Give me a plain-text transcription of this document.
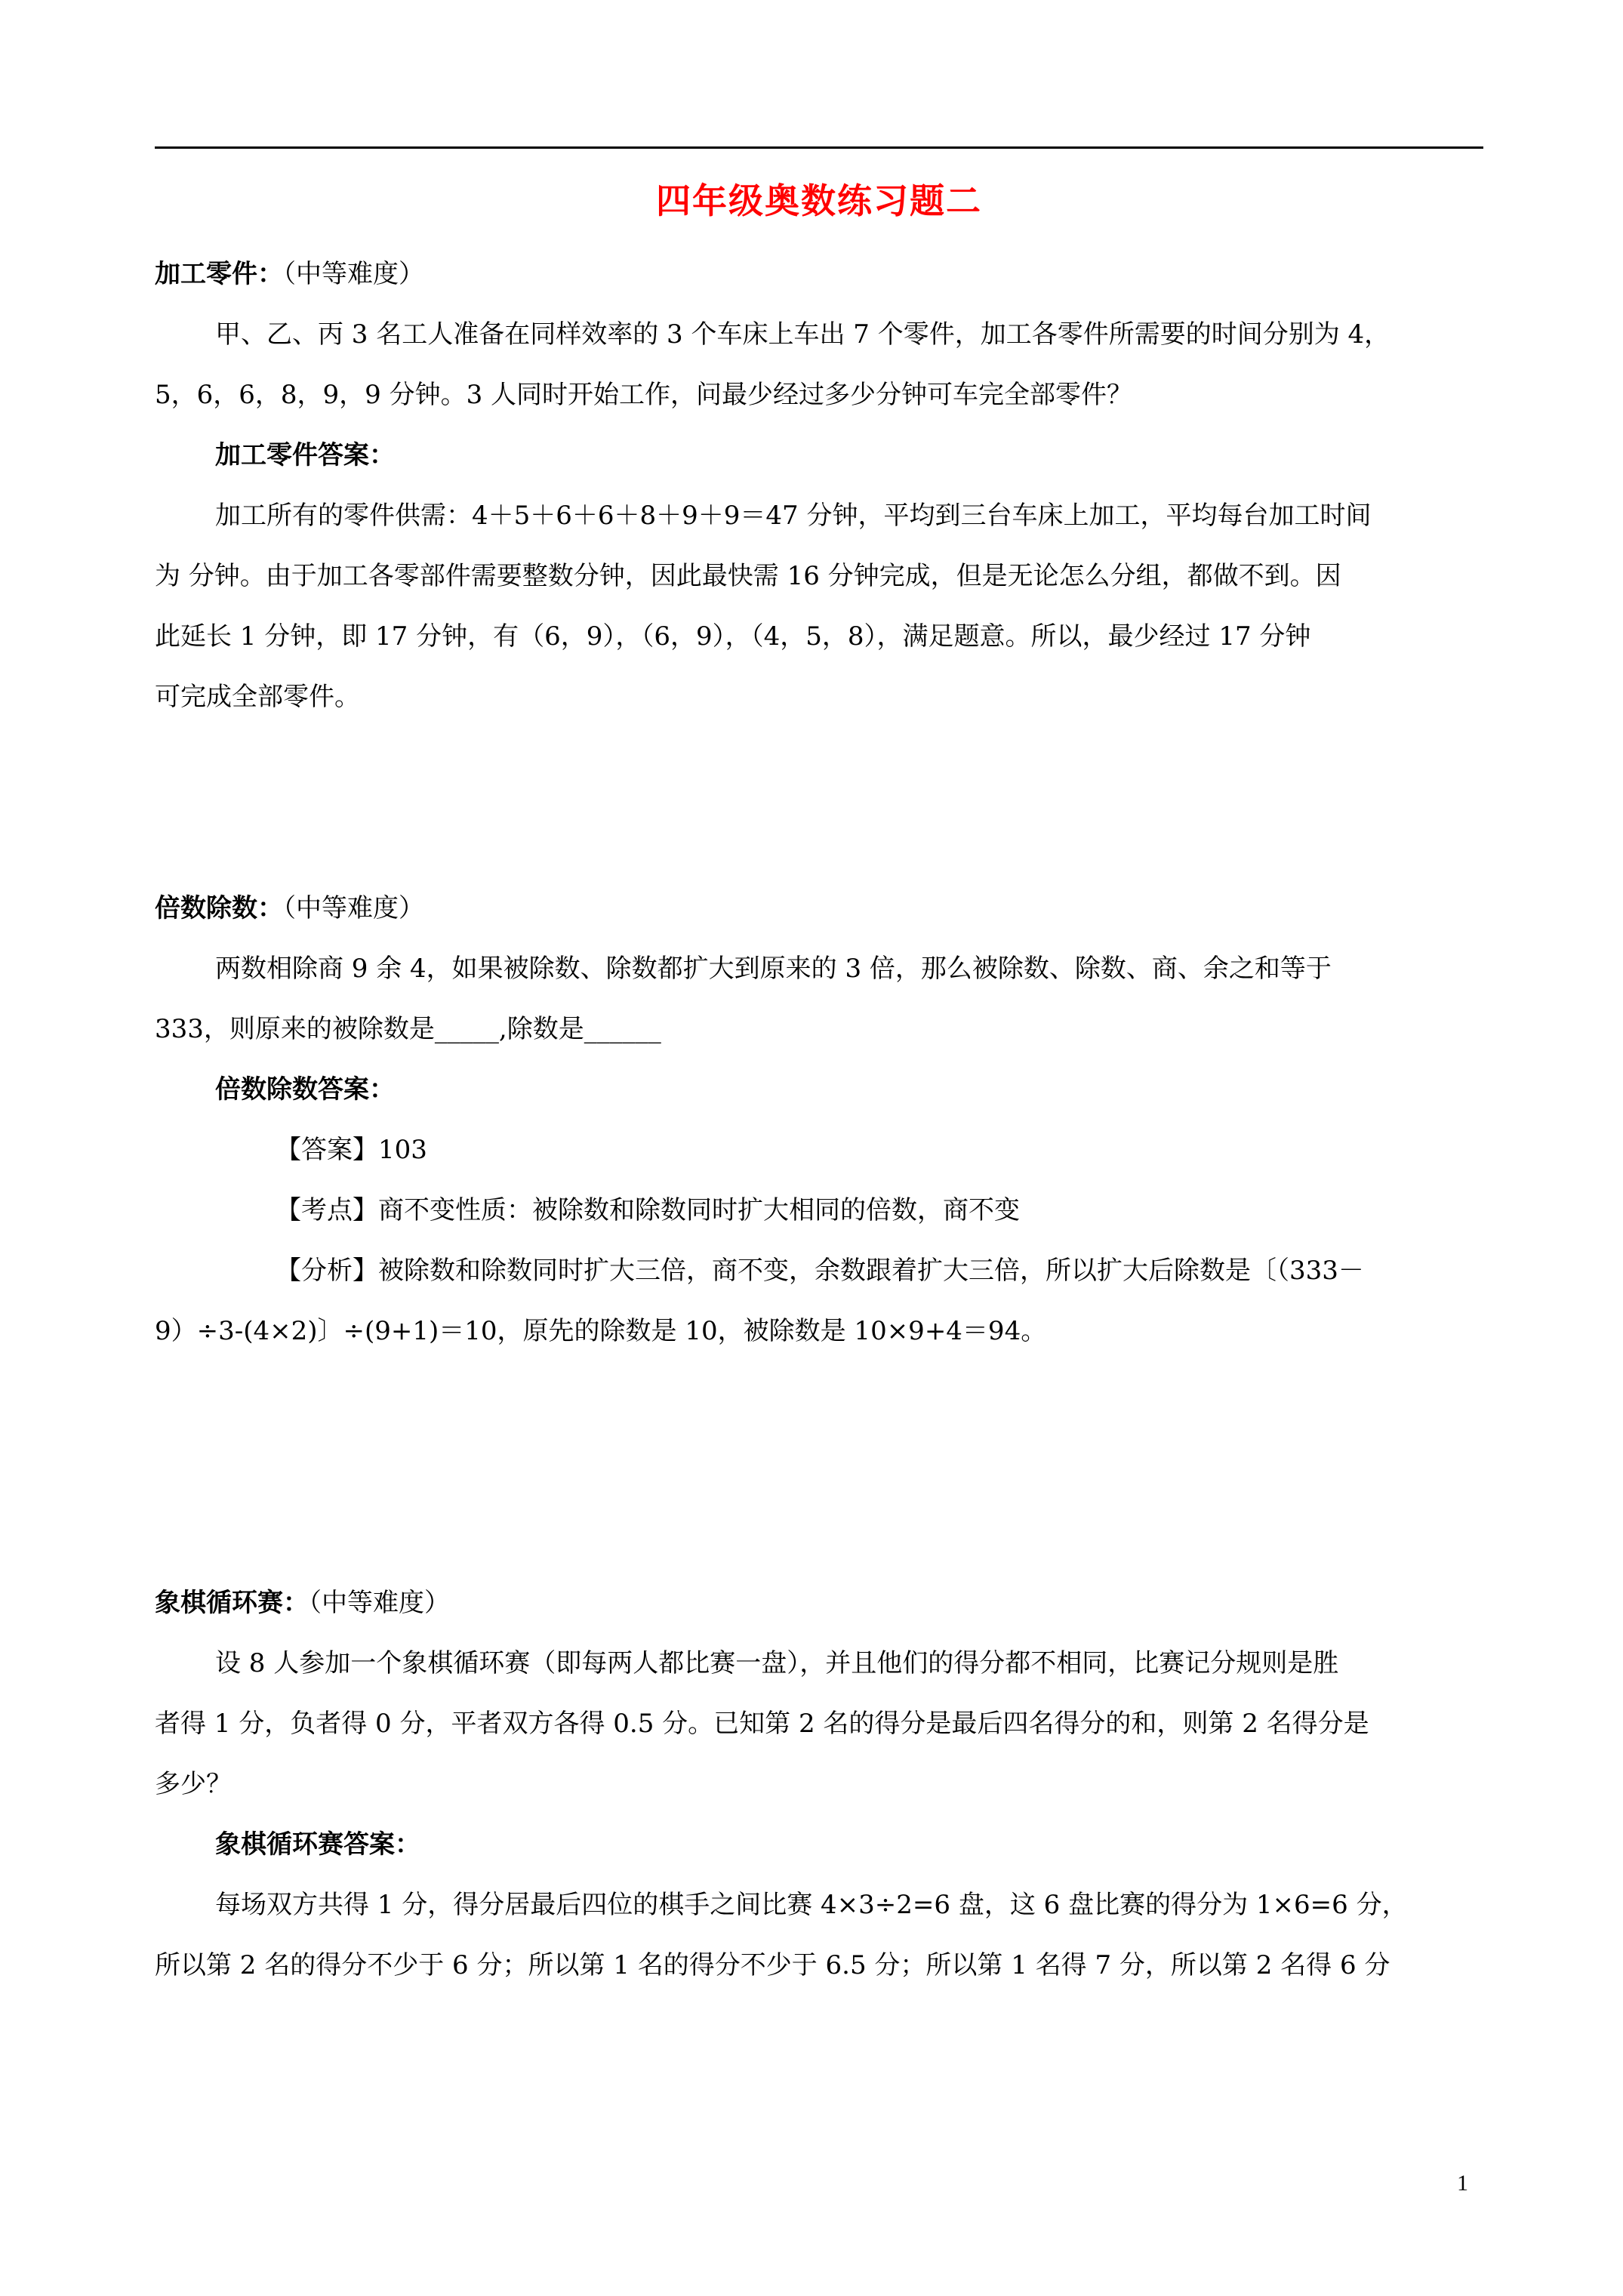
四年级奥数练习题二
加工零件：（中等难度）
甲、乙、丙 3 名工人准备在同样效率的 3 个车床上车出 7 个零件，加工各零件所需要的时间分别为 4，
5，6，6，8，9，9 分钟。3 人同时开始工作，问最少经过多少分钟可车完全部零件？
加工零件答案：
加工所有的零件供需：4＋5＋6＋6＋8＋9＋9＝47 分钟，平均到三台车床上加工，平均每台加工时间
为 分钟。由于加工各零部件需要整数分钟，因此最快需 16 分钟完成，但是无论怎么分组，都做不到。因
此延长 1 分钟，即 17 分钟，有（6，9），（6，9），（4，5，8），满足题意。所以，最少经过 17 分钟
可完成全部零件。
倍数除数：（中等难度）
两数相除商 9 余 4，如果被除数、除数都扩大到原来的 3 倍，那么被除数、除数、商、余之和等于
333，则原来的被除数是_____,除数是______
倍数除数答案：
【答案】103
【考点】商不变性质：被除数和除数同时扩大相同的倍数，商不变
【分析】被除数和除数同时扩大三倍，商不变，余数跟着扩大三倍，所以扩大后除数是〔（333－
9）÷3-(4×2)〕÷(9+1)＝10，原先的除数是 10，被除数是 10×9+4＝94。
象棋循环赛：（中等难度）
设 8 人参加一个象棋循环赛（即每两人都比赛一盘），并且他们的得分都不相同，比赛记分规则是胜
者得 1 分，负者得 0 分，平者双方各得 0.5 分。已知第 2 名的得分是最后四名得分的和，则第 2 名得分是
多少？
象棋循环赛答案：
每场双方共得 1 分，得分居最后四位的棋手之间比赛 4×3÷2=6 盘，这 6 盘比赛的得分为 1×6=6 分，
所以第 2 名的得分不少于 6 分；所以第 1 名的得分不少于 6.5 分；所以第 1 名得 7 分，所以第 2 名得 6 分
1
